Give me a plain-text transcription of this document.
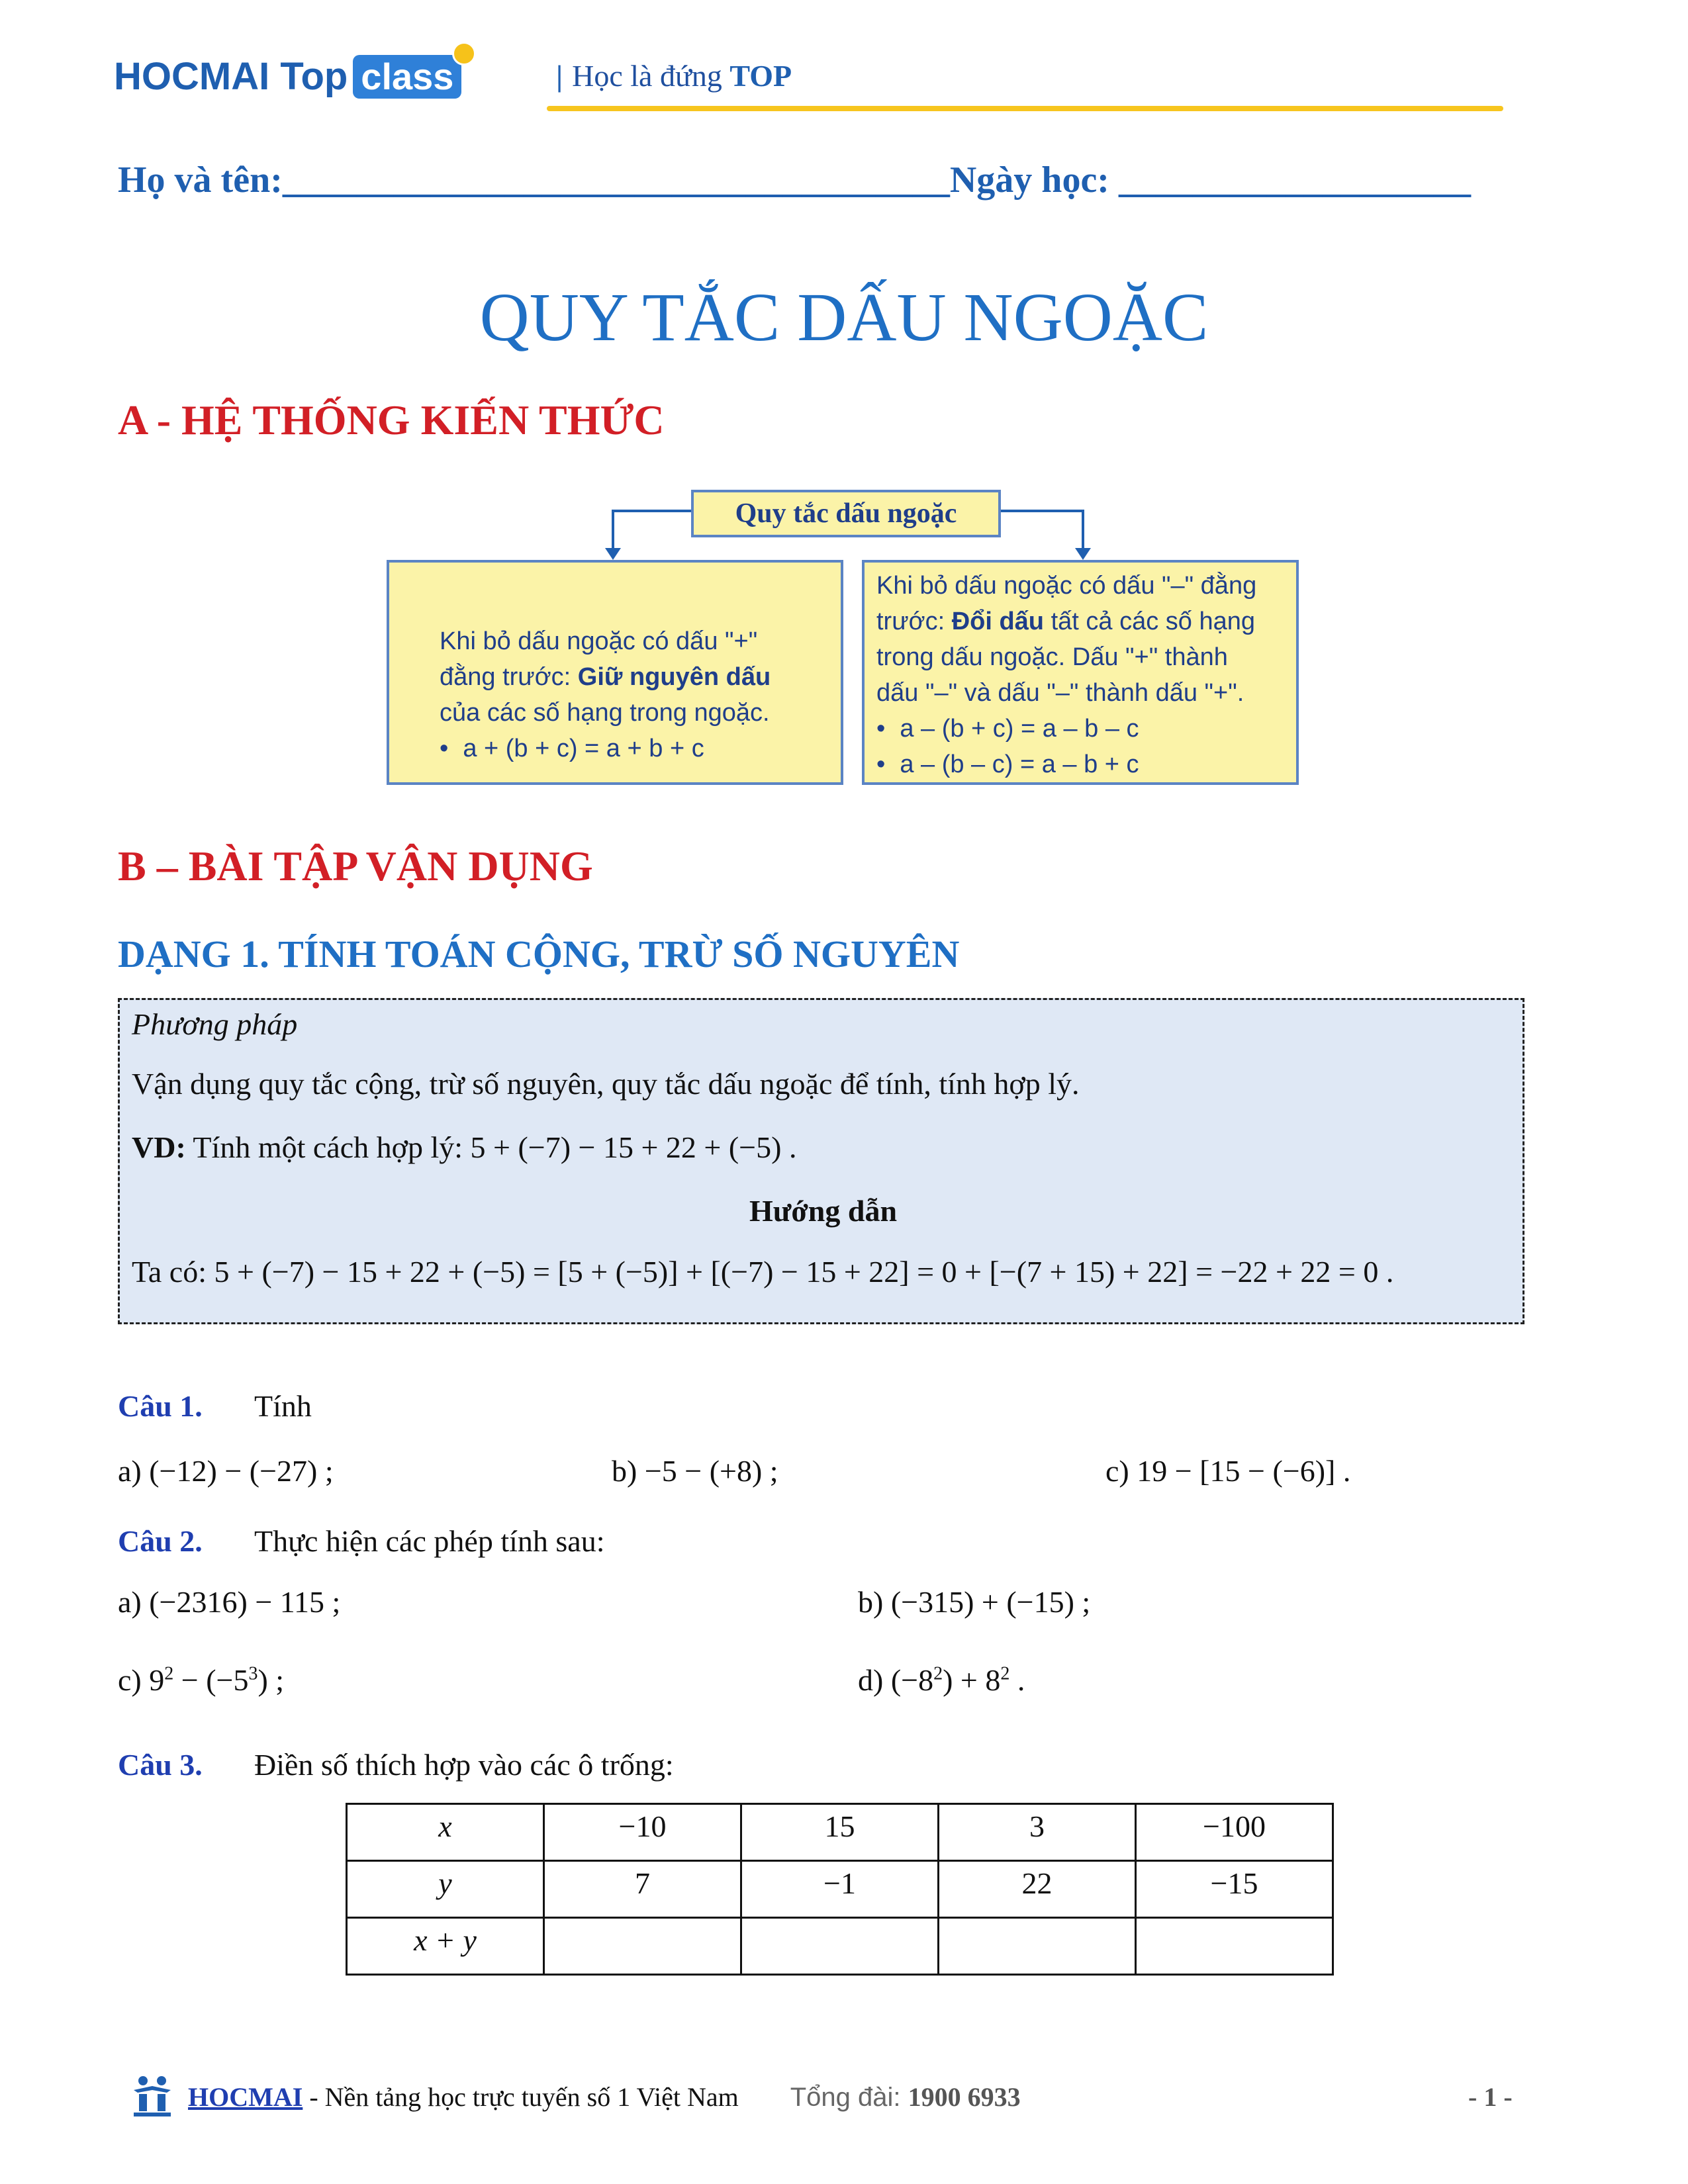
HOCMAI Top class	| Học là đứng TOP
Họ và tên:____________________________________Ngày học: ___________________
QUY TẮC DẤU NGOẶC
A - HỆ THỐNG KIẾN THỨC
Quy tắc dấu ngoặc
Khi bỏ dấu ngoặc có dấu "+"
đằng trước: Giữ nguyên dấu
của các số hạng trong ngoặc.
• a + (b + c) = a + b + c
Khi bỏ dấu ngoặc có dấu "–" đằng
trước: Đổi dấu tất cả các số hạng
trong dấu ngoặc. Dấu "+" thành
dấu "–" và dấu "–" thành dấu "+".
• a – (b + c) = a – b – c
• a – (b – c) = a – b + c
B – BÀI TẬP VẬN DỤNG
DẠNG 1. TÍNH TOÁN CỘNG, TRỪ SỐ NGUYÊN
Phương pháp
Vận dụng quy tắc cộng, trừ số nguyên, quy tắc dấu ngoặc để tính, tính hợp lý.
VD: Tính một cách hợp lý: 5 + (−7) − 15 + 22 + (−5) .
Hướng dẫn
Ta có: 5 + (−7) − 15 + 22 + (−5) = [5 + (−5)] + [(−7) − 15 + 22] = 0 + [−(7 + 15) + 22] = −22 + 22 = 0 .
Câu 1. Tính
a) (−12) − (−27) ;	b) −5 − (+8) ;	c) 19 − [15 − (−6)] .
Câu 2. Thực hiện các phép tính sau:
a) (−2316) − 115 ;	b) (−315) + (−15) ;
c) $9^2 - (-5^3)$ ;	d) $(-8^2) + 8^2$ .
Câu 3. Điền số thích hợp vào các ô trống:
x	−10	15	3	−100
y	7	−1	22	−15
x + y				
HOCMAI - Nền tảng học trực tuyến số 1 Việt Nam Tổng đài: 1900 6933	- 1 -
